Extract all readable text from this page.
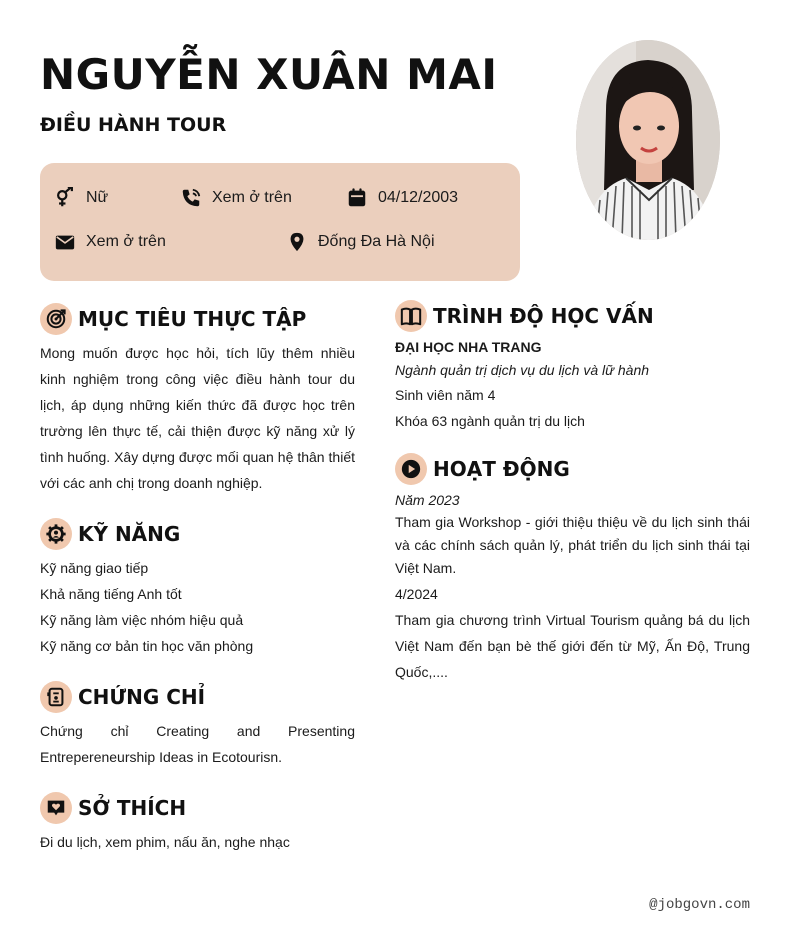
NGUYỄN XUÂN MAI
ĐIỀU HÀNH TOUR
Nữ	Xem ở trên	04/12/2003
Xem ở trên	Đống Đa Hà Nội
MỤC TIÊU THỰC TẬP
Mong muốn được học hỏi, tích lũy thêm nhiều kinh nghiệm trong công việc điều hành tour du lịch, áp dụng những kiến thức đã được học trên trường lên thực tế, cải thiện được kỹ năng xử lý tình huống. Xây dựng được mối quan hệ thân thiết với các anh chị trong doanh nghiệp.
KỸ NĂNG
Kỹ năng giao tiếp
Khả năng tiếng Anh tốt
Kỹ năng làm việc nhóm hiệu quả
Kỹ năng cơ bản tin học văn phòng
CHỨNG CHỈ
Chứng chỉ Creating and Presenting Entrepereneurship Ideas in Ecotourisn.
SỞ THÍCH
Đi du lịch, xem phim, nấu ăn, nghe nhạc
TRÌNH ĐỘ HỌC VẤN
ĐẠI HỌC NHA TRANG
Ngành quản trị dịch vụ du lịch và lữ hành
Sinh viên năm 4
Khóa 63 ngành quản trị du lịch
HOẠT ĐỘNG
Năm 2023
Tham gia Workshop - giới thiệu thiệu về du lịch sinh thái và các chính sách quản lý, phát triển du lịch sinh thái tại Việt Nam.
4/2024
Tham gia chương trình Virtual Tourism quảng bá du lịch Việt Nam đến bạn bè thế giới đến từ Mỹ, Ấn Độ, Trung Quốc,....
@jobgovn.com
